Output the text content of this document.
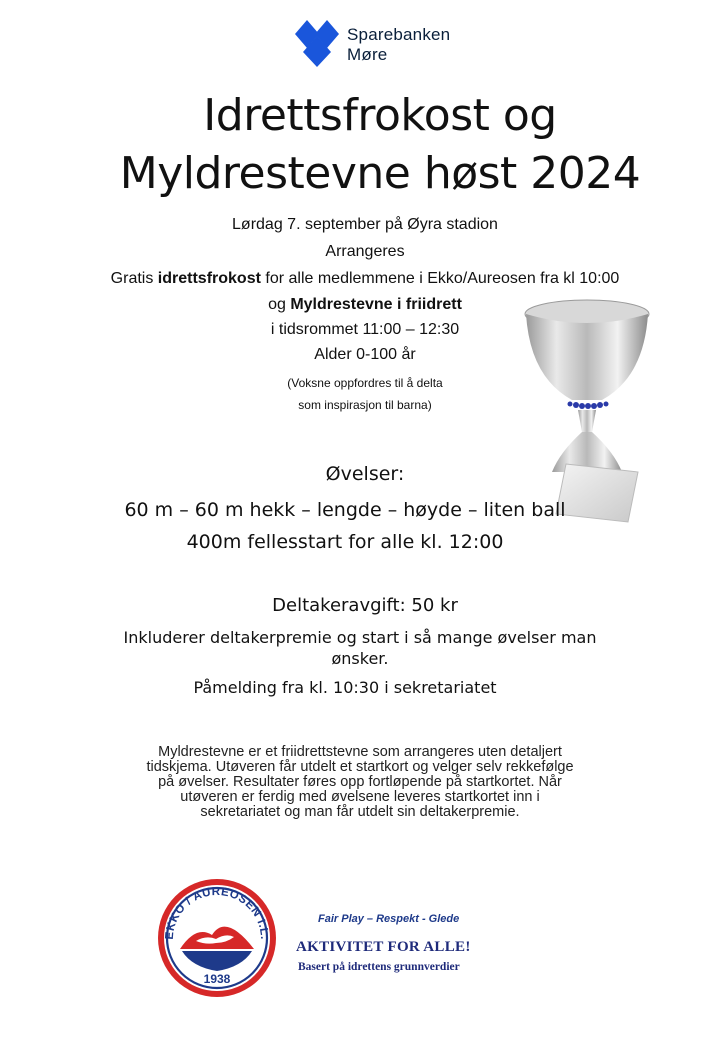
Sparebanken
Møre
Idrettsfrokost og
Myldrestevne høst 2024
Lørdag 7. september på Øyra stadion
Arrangeres
Gratis idrettsfrokost for alle medlemmene i Ekko/Aureosen fra kl 10:00
og Myldrestevne i friidrett
i tidsrommet 11:00 – 12:30
Alder 0-100 år
(Voksne oppfordres til å delta
som inspirasjon til barna)
Øvelser:
60 m – 60 m hekk – lengde – høyde – liten ball
400m fellesstart for alle kl. 12:00
Deltakeravgift: 50 kr
Inkluderer deltakerpremie og start i så mange øvelser man
ønsker.
Påmelding fra kl. 10:30 i sekretariatet
Myldrestevne er et friidrettstevne som arrangeres uten detaljert
tidskjema. Utøveren får utdelt et startkort og velger selv rekkefølge
på øvelser. Resultater føres opp fortløpende på startkortet. Når
utøveren er ferdig med øvelsene leveres startkortet inn i
sekretariatet og man får utdelt sin deltakerpremie.
EKKO / AUREOSEN I.L.
1938
Fair Play – Respekt - Glede
AKTIVITET FOR ALLE!
Basert på idrettens grunnverdier
